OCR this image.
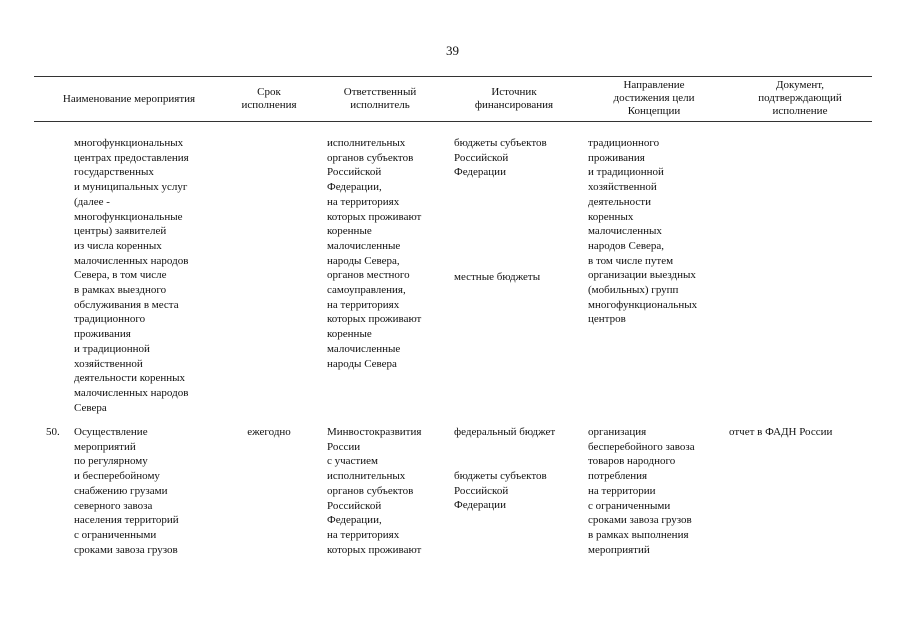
39
Наименование мероприятия
Срок
исполнения
Ответственный
исполнитель
Источник
финансирования
Направление
достижения цели
Концепции
Документ,
подтверждающий
исполнение
многофункциональных
центрах предоставления
государственных
и муниципальных услуг
(далее -
многофункциональные
центры) заявителей
из числа коренных
малочисленных народов
Севера, в том числе
в рамках выездного
обслуживания в места
традиционного
проживания
и традиционной
хозяйственной
деятельности коренных
малочисленных народов
Севера
исполнительных
органов субъектов
Российской
Федерации,
на территориях
которых проживают
коренные
малочисленные
народы Севера,
органов местного
самоуправления,
на территориях
которых проживают
коренные
малочисленные
народы Севера
бюджеты субъектов
Российской
Федерации
местные бюджеты
традиционного
проживания
и традиционной
хозяйственной
деятельности
коренных
малочисленных
народов Севера,
в том числе путем
организации выездных
(мобильных) групп
многофункциональных
центров
50. Осуществление
мероприятий
по регулярному
и бесперебойному
снабжению грузами
северного завоза
населения территорий
с ограниченными
сроками завоза грузов
ежегодно	Минвостокразвития
России
с участием
исполнительных
органов субъектов
Российской
Федерации,
на территориях
которых проживают
федеральный бюджет
бюджеты субъектов
Российской
Федерации
организация
бесперебойного завоза
товаров народного
потребления
на территории
с ограниченными
сроками завоза грузов
в рамках выполнения
мероприятий
отчет в ФАДН России
